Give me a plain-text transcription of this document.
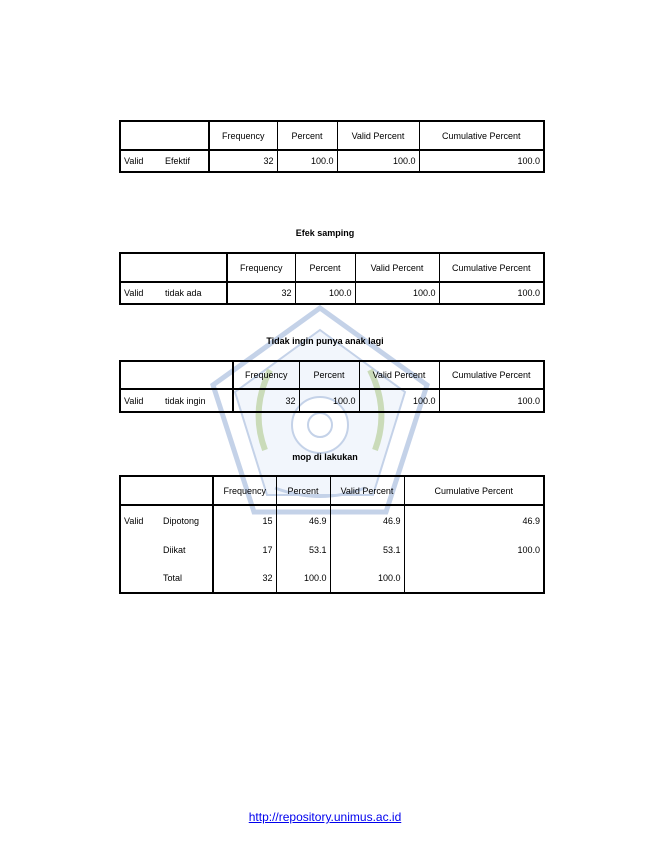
		Frequency	Percent	Valid Percent	Cumulative Percent
Valid	Efektif	32	100.0	100.0	100.0
Efek samping
		Frequency	Percent	Valid Percent	Cumulative Percent
Valid	tidak ada	32	100.0	100.0	100.0
Tidak ingin punya anak lagi
		Frequency	Percent	Valid Percent	Cumulative Percent
Valid	tidak ingin	32	100.0	100.0	100.0
mop di lakukan
		Frequency	Percent	Valid Percent	Cumulative Percent
Valid	Dipotong	15	46.9	46.9	46.9
	Diikat	17	53.1	53.1	100.0
	Total	32	100.0	100.0	
http://repository.unimus.ac.id
